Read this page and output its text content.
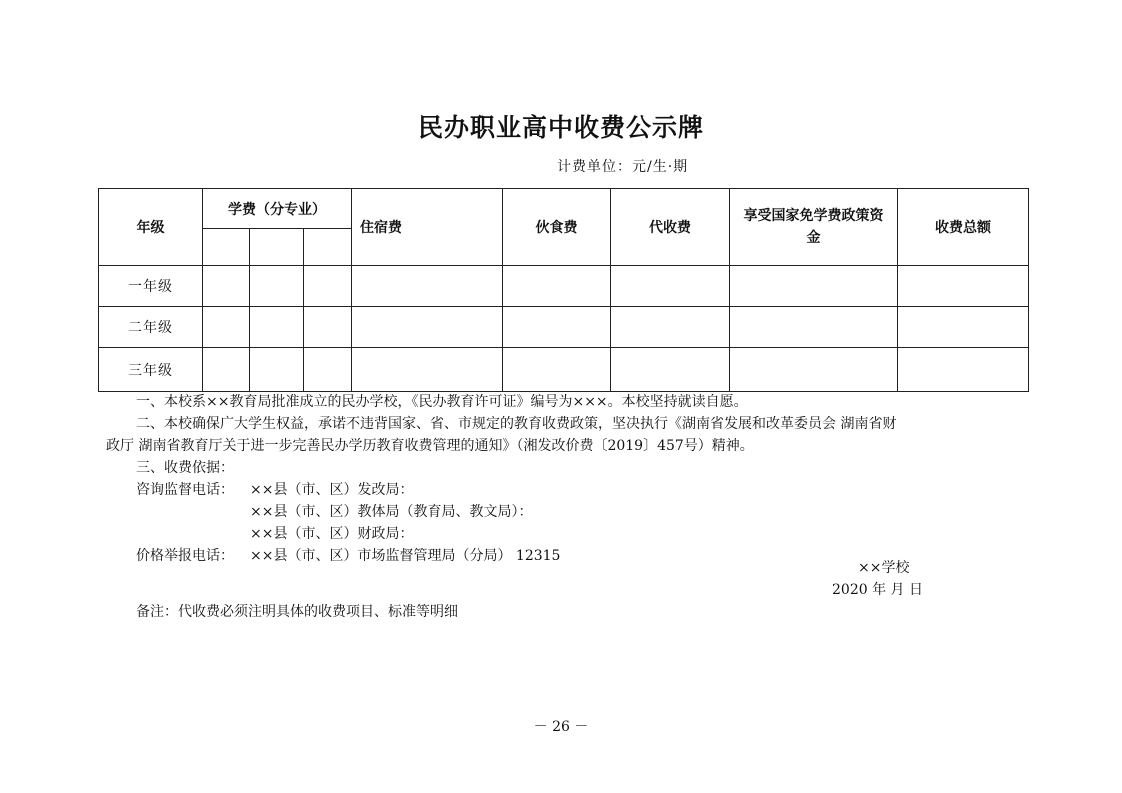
民办职业高中收费公示牌
计费单位：元/生·期
年级	学费（分专业）			住宿费	伙食费	代收费	享受国家免学费政策资金	收费总额

一年级								
二年级								
三年级								
一、本校系××教育局批准成立的民办学校，《民办教育许可证》编号为×××。本校坚持就读自愿。
二、本校确保广大学生权益，承诺不违背国家、省、市规定的教育收费政策，坚决执行《湖南省发展和改革委员会 湖南省财
政厅 湖南省教育厅关于进一步完善民办学历教育收费管理的通知》（湘发改价费〔2019〕457号）精神。
三、收费依据：
咨询监督电话： ××县（市、区）发改局：
××县（市、区）教体局（教育局、教文局）：
××县（市、区）财政局：
价格举报电话： ××县（市、区）市场监督管理局（分局） 12315
××学校
2020 年 月 日
备注：代收费必须注明具体的收费项目、标准等明细
－ 26 －
